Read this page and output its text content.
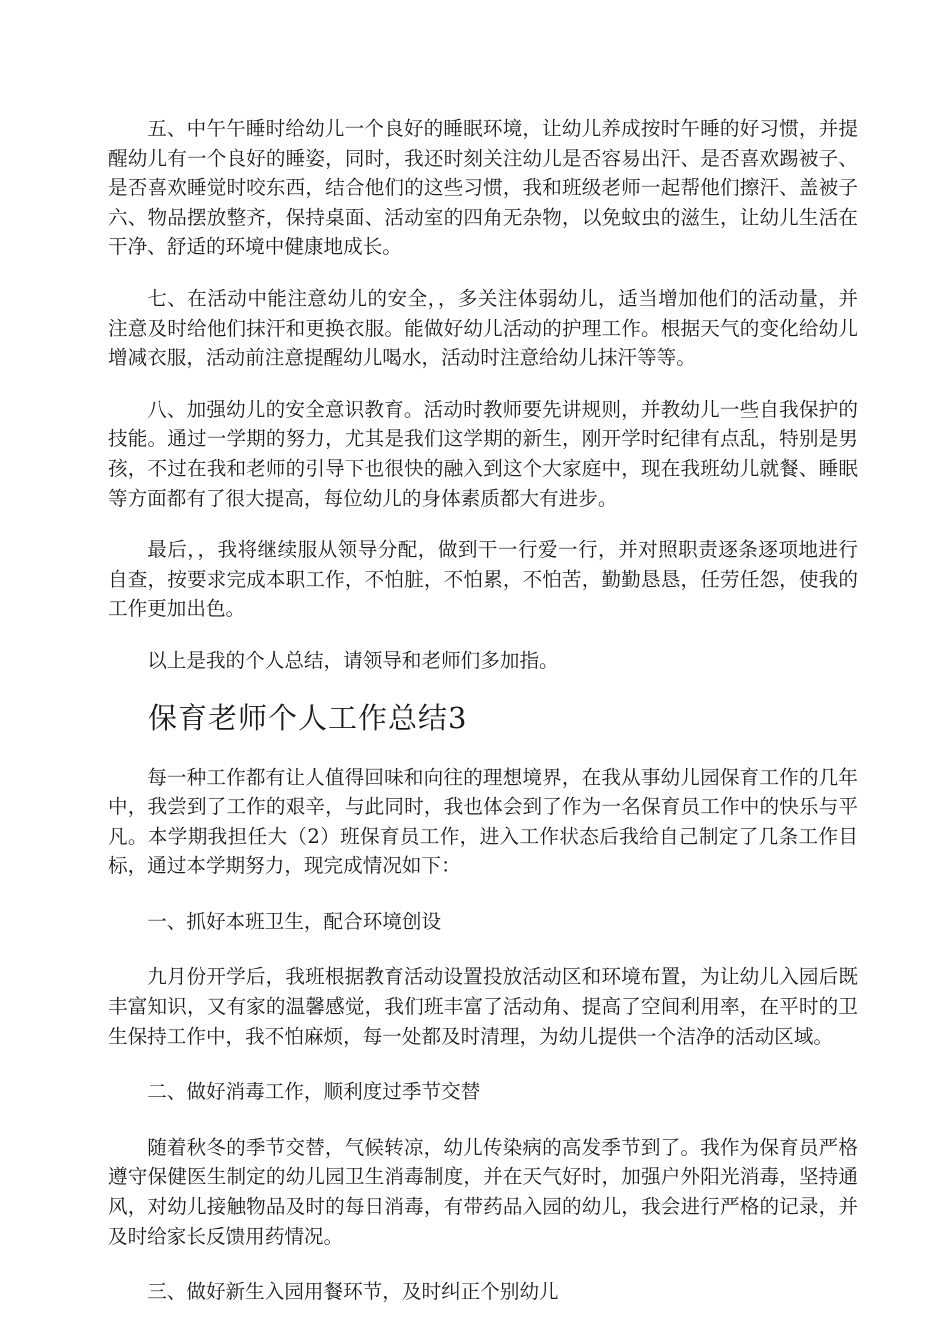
五、中午午睡时给幼儿一个良好的睡眠环境，让幼儿养成按时午睡的好习惯，并提醒幼儿有一个良好的睡姿，同时，我还时刻关注幼儿是否容易出汗、是否喜欢踢被子、是否喜欢睡觉时咬东西，结合他们的这些习惯，我和班级老师一起帮他们擦汗、盖被子六、物品摆放整齐，保持桌面、活动室的四角无杂物，以免蚊虫的滋生，让幼儿生活在干净、舒适的环境中健康地成长。

七、在活动中能注意幼儿的安全，，多关注体弱幼儿，适当增加他们的活动量，并注意及时给他们抹汗和更换衣服。能做好幼儿活动的护理工作。根据天气的变化给幼儿增减衣服，活动前注意提醒幼儿喝水，活动时注意给幼儿抹汗等等。

八、加强幼儿的安全意识教育。活动时教师要先讲规则，并教幼儿一些自我保护的技能。通过一学期的努力，尤其是我们这学期的新生，刚开学时纪律有点乱，特别是男孩，不过在我和老师的引导下也很快的融入到这个大家庭中，现在我班幼儿就餐、睡眠等方面都有了很大提高，每位幼儿的身体素质都大有进步。

最后，，我将继续服从领导分配，做到干一行爱一行，并对照职责逐条逐项地进行自查，按要求完成本职工作，不怕脏，不怕累，不怕苦，勤勤恳恳，任劳任怨，使我的工作更加出色。

以上是我的个人总结，请领导和老师们多加指。

保育老师个人工作总结3

每一种工作都有让人值得回味和向往的理想境界，在我从事幼儿园保育工作的几年中，我尝到了工作的艰辛，与此同时，我也体会到了作为一名保育员工作中的快乐与平凡。本学期我担任大（2）班保育员工作，进入工作状态后我给自己制定了几条工作目标，通过本学期努力，现完成情况如下：

一、抓好本班卫生，配合环境创设

九月份开学后，我班根据教育活动设置投放活动区和环境布置，为让幼儿入园后既丰富知识，又有家的温馨感觉，我们班丰富了活动角、提高了空间利用率，在平时的卫生保持工作中，我不怕麻烦，每一处都及时清理，为幼儿提供一个洁净的活动区域。

二、做好消毒工作，顺利度过季节交替

随着秋冬的季节交替，气候转凉，幼儿传染病的高发季节到了。我作为保育员严格遵守保健医生制定的幼儿园卫生消毒制度，并在天气好时，加强户外阳光消毒，坚持通风，对幼儿接触物品及时的每日消毒，有带药品入园的幼儿，我会进行严格的记录，并及时给家长反馈用药情况。

三、做好新生入园用餐环节，及时纠正个别幼儿
